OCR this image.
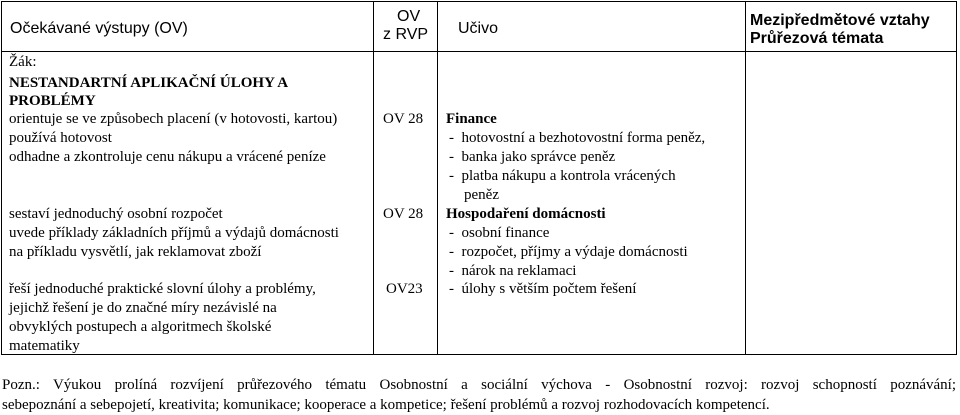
Očekávané výstupy (OV)
OV
z RVP Učivo	Mezipředmětové vztahy
Průřezová témata
Žák:
NESTANDARTNÍ APLIKAČNÍ ÚLOHY A
PROBLÉMY
orientuje se ve způsobech placení (v hotovosti, kartou)
používá hotovost
odhadne a zkontroluje cenu nákupu a vrácené peníze
sestaví jednoduchý osobní rozpočet
uvede příklady základních příjmů a výdajů domácnosti
na příkladu vysvětlí, jak reklamovat zboží
řeší jednoduché praktické slovní úlohy a problémy,
jejichž řešení je do značné míry nezávislé na
obvyklých postupech a algoritmech školské
matematiky
OV 28
OV 28
OV23
Finance
-  hotovostní a bezhotovostní forma peněz,
-  banka jako správce peněz
-  platba nákupu a kontrola vrácených
peněz
Hospodaření domácnosti
-  osobní finance
-  rozpočet, příjmy a výdaje domácnosti
-  nárok na reklamaci
-  úlohy s větším počtem řešení
Pozn.: Výukou prolíná rozvíjení průřezového tématu Osobnostní a sociální výchova - Osobnostní rozvoj: rozvoj schopností poznávání;
sebepoznání a sebepojetí, kreativita; komunikace; kooperace a kompetice; řešení problémů a rozvoj rozhodovacích kompetencí.
